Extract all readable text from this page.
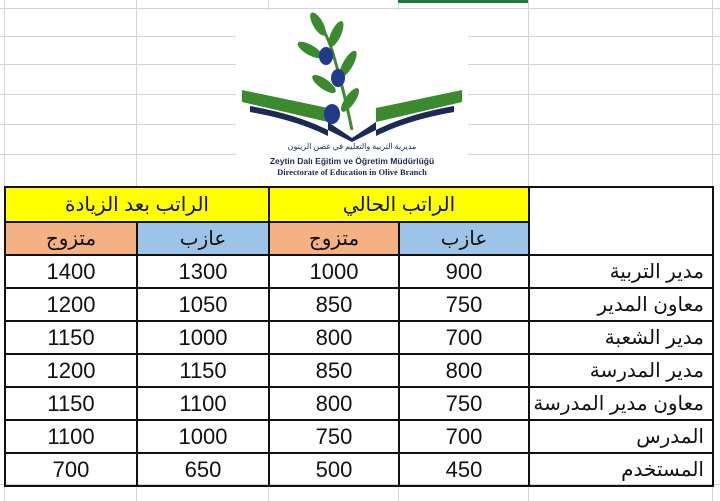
مديرية التربية والتعليم في غصن الزيتون
Zeytin Dalı Eğitim ve Öğretim Müdürlüğü
Directorate of Education in Olive Branch
الراتب بعد الزيادة		الراتب الحالي		
متزوج	عازب	متزوج	عازب	
1400	1300	1000	900	مدير التربية
1200	1050	850	750	معاون المدير
1150	1000	800	700	مدير الشعبة
1200	1150	850	800	مدير المدرسة
1150	1100	800	750	معاون مدير المدرسة
1100	1000	750	700	المدرس
700	650	500	450	المستخدم
